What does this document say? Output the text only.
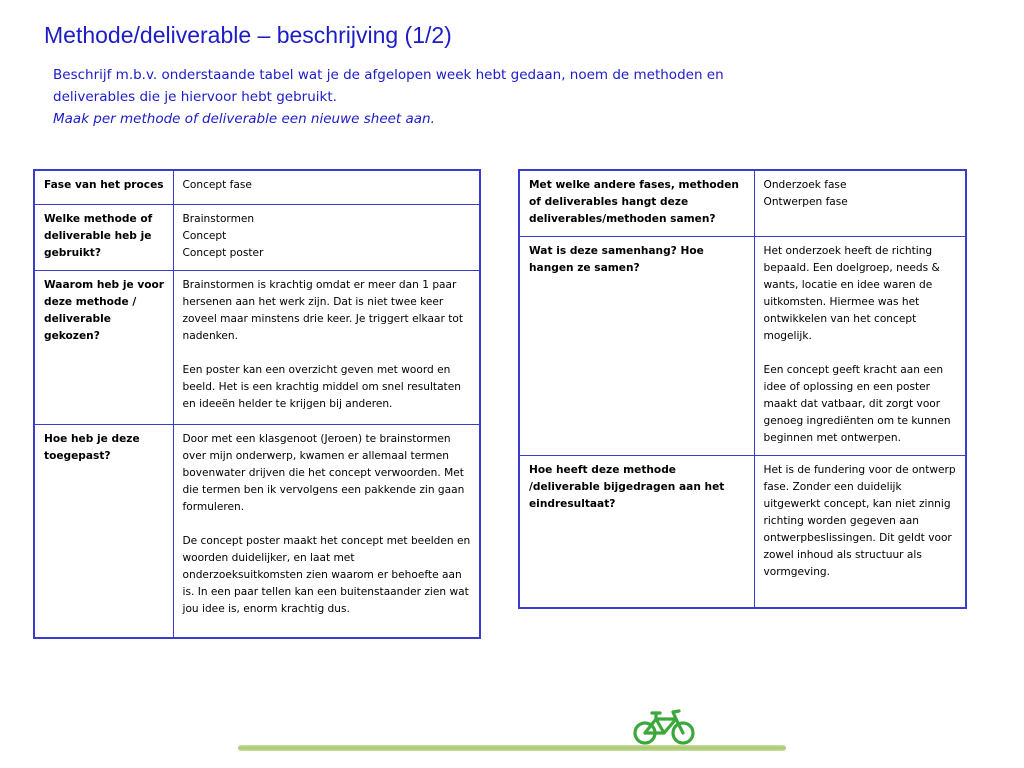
Methode/deliverable – beschrijving (1/2)
Beschrijf m.b.v. onderstaande tabel wat je de afgelopen week hebt gedaan, noem de methoden en
deliverables die je hiervoor hebt gebruikt.
Maak per methode of deliverable een nieuwe sheet aan.
Fase van het proces	Concept fase

Welke methode of deliverable heb je gebruikt?	Brainstormen
Concept
Concept poster

Waarom heb je voor deze methode / deliverable gekozen?	Brainstormen is krachtig omdat er meer dan 1 paar hersenen aan het werk zijn. Dat is niet twee keer zoveel maar minstens drie keer. Je triggert elkaar tot nadenken.
Een poster kan een overzicht geven met woord en beeld. Het is een krachtig middel om snel resultaten en ideeën helder te krijgen bij anderen.

Hoe heb je deze toegepast?	Door met een klasgenoot (Jeroen) te brainstormen over mijn onderwerp, kwamen er allemaal termen bovenwater drijven die het concept verwoorden. Met die termen ben ik vervolgens een pakkende zin gaan formuleren.
De concept poster maakt het concept met beelden en woorden duidelijker, en laat met onderzoeksuitkomsten zien waarom er behoefte aan is. In een paar tellen kan een buitenstaander zien wat jou idee is, enorm krachtig dus.
Met welke andere fases, methoden of deliverables hangt deze deliverables/methoden samen?	Onderzoek fase
Ontwerpen fase

Wat is deze samenhang? Hoe hangen ze samen?	Het onderzoek heeft de richting bepaald. Een doelgroep, needs & wants, locatie en idee waren de uitkomsten. Hiermee was het ontwikkelen van het concept mogelijk.
Een concept geeft kracht aan een idee of oplossing en een poster maakt dat vatbaar, dit zorgt voor genoeg ingrediënten om te kunnen beginnen met ontwerpen.

Hoe heeft deze methode /deliverable bijgedragen aan het eindresultaat?	Het is de fundering voor de ontwerp fase. Zonder een duidelijk uitgewerkt concept, kan niet zinnig richting worden gegeven aan ontwerpbeslissingen. Dit geldt voor zowel inhoud als structuur als vormgeving.
